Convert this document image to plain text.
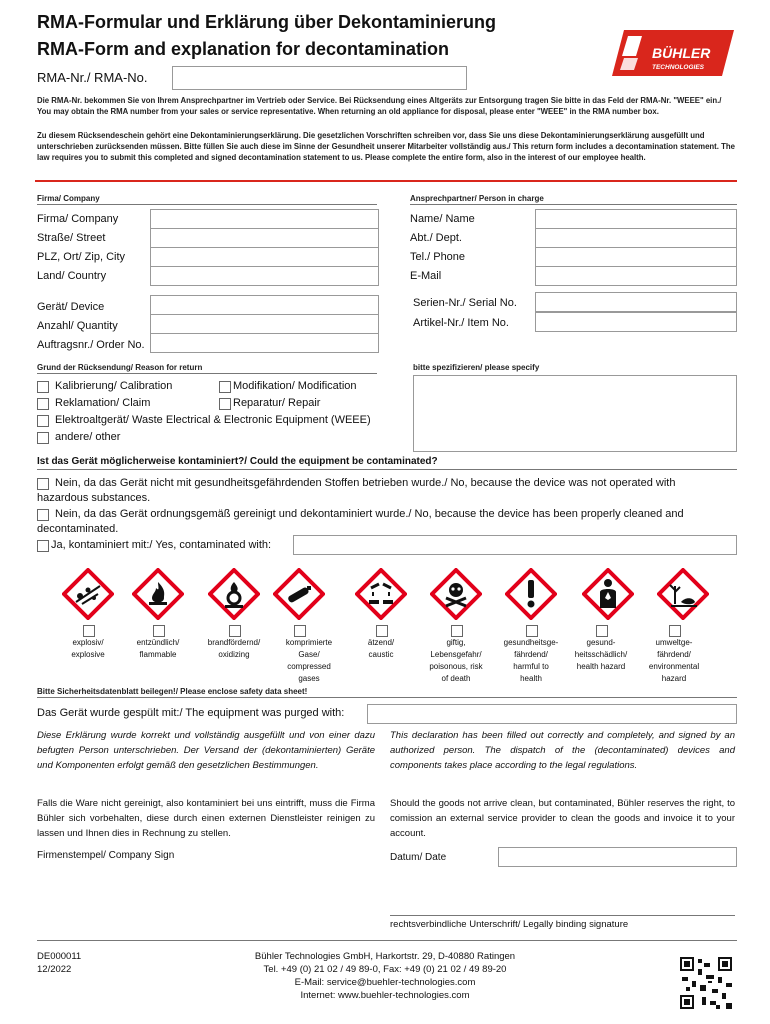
RMA-Formular und Erklärung über Dekontaminierung
RMA-Form and explanation for decontamination	BÜHLER
TECHNOLOGIES
RMA-Nr./ RMA-No.
Die RMA-Nr. bekommen Sie von Ihrem Ansprechpartner im Vertrieb oder Service. Bei Rücksendung eines Altgeräts zur Entsorgung tragen Sie bitte in das Feld der RMA-Nr. "WEEE" ein./ You may obtain the RMA number from your sales or service representative. When returning an old appliance for disposal, please enter "WEEE" in the RMA number box.
Zu diesem Rücksendeschein gehört eine Dekontaminierungserklärung. Die gesetzlichen Vorschriften schreiben vor, dass Sie uns diese Dekontaminierungserklärung ausgefüllt und unterschrieben zurücksenden müssen. Bitte füllen Sie auch diese im Sinne der Gesundheit unserer Mitarbeiter vollständig aus./ This return form includes a decontamination statement. The law requires you to submit this completed and signed decontamination statement to us. Please complete the entire form, also in the interest of our employee health.
Firma/ Company	Ansprechpartner/ Person in charge
Firma/ Company
Straße/ Street
PLZ, Ort/ Zip, City
Land/ Country
Name/ Name
Abt./ Dept.
Tel./ Phone
E-Mail
Gerät/ Device
Anzahl/ Quantity
Auftragsnr./ Order No.
Serien-Nr./ Serial No.
Artikel-Nr./ Item No.
Grund der Rücksendung/ Reason for return	bitte spezifizieren/ please specify
Kalibrierung/ Calibration	Modifikation/ Modification
Reklamation/ Claim	Reparatur/ Repair
Elektroaltgerät/ Waste Electrical & Electronic Equipment (WEEE)
andere/ other
Ist das Gerät möglicherweise kontaminiert?/ Could the equipment be contaminated?
Nein, da das Gerät nicht mit gesundheitsgefährdenden Stoffen betrieben wurde./ No, because the device was not operated with
hazardous substances.
Nein, da das Gerät ordnungsgemäß gereinigt und dekontaminiert wurde./ No, because the device has been properly cleaned and
decontaminated.
Ja, kontaminiert mit:/ Yes, contaminated with:
explosiv/
explosive
entzündlich/
flammable
brandfördernd/
oxidizing
komprimierte
Gase/
compressed
gases
ätzend/
caustic
giftig,
Lebensgefahr/
poisonous, risk
of death
gesundheitsge-
fährdend/
harmful to
health
gesund-
heitsschädlich/
health hazard
umweltge-
fährdend/
environmental
hazard
Bitte Sicherheitsdatenblatt beilegen!/ Please enclose safety data sheet!
Das Gerät wurde gespült mit:/ The equipment was purged with:
Diese Erklärung wurde korrekt und vollständig ausgefüllt und von einer dazu befugten Person unterschrieben. Der Versand der (dekontaminierten) Geräte und Komponenten erfolgt gemäß den gesetzlichen Bestimmungen.
This declaration has been filled out correctly and completely, and signed by an authorized person. The dispatch of the (decontaminated) devices and components takes place according to the legal regulations.
Falls die Ware nicht gereinigt, also kontaminiert bei uns eintrifft, muss die Firma Bühler sich vorbehalten, diese durch einen externen Dienstleister reinigen zu lassen und Ihnen dies in Rechnung zu stellen.
Should the goods not arrive clean, but contaminated, Bühler reserves the right, to comission an external service provider to clean the goods and invoice it to your account.
Firmenstempel/ Company Sign	Datum/ Date
rechtsverbindliche Unterschrift/ Legally binding signature
DE000011
12/2022
Bühler Technologies GmbH, Harkortstr. 29, D-40880 Ratingen
Tel. +49 (0) 21 02 / 49 89-0, Fax: +49 (0) 21 02 / 49 89-20
E-Mail: service@buehler-technologies.com
Internet: www.buehler-technologies.com
